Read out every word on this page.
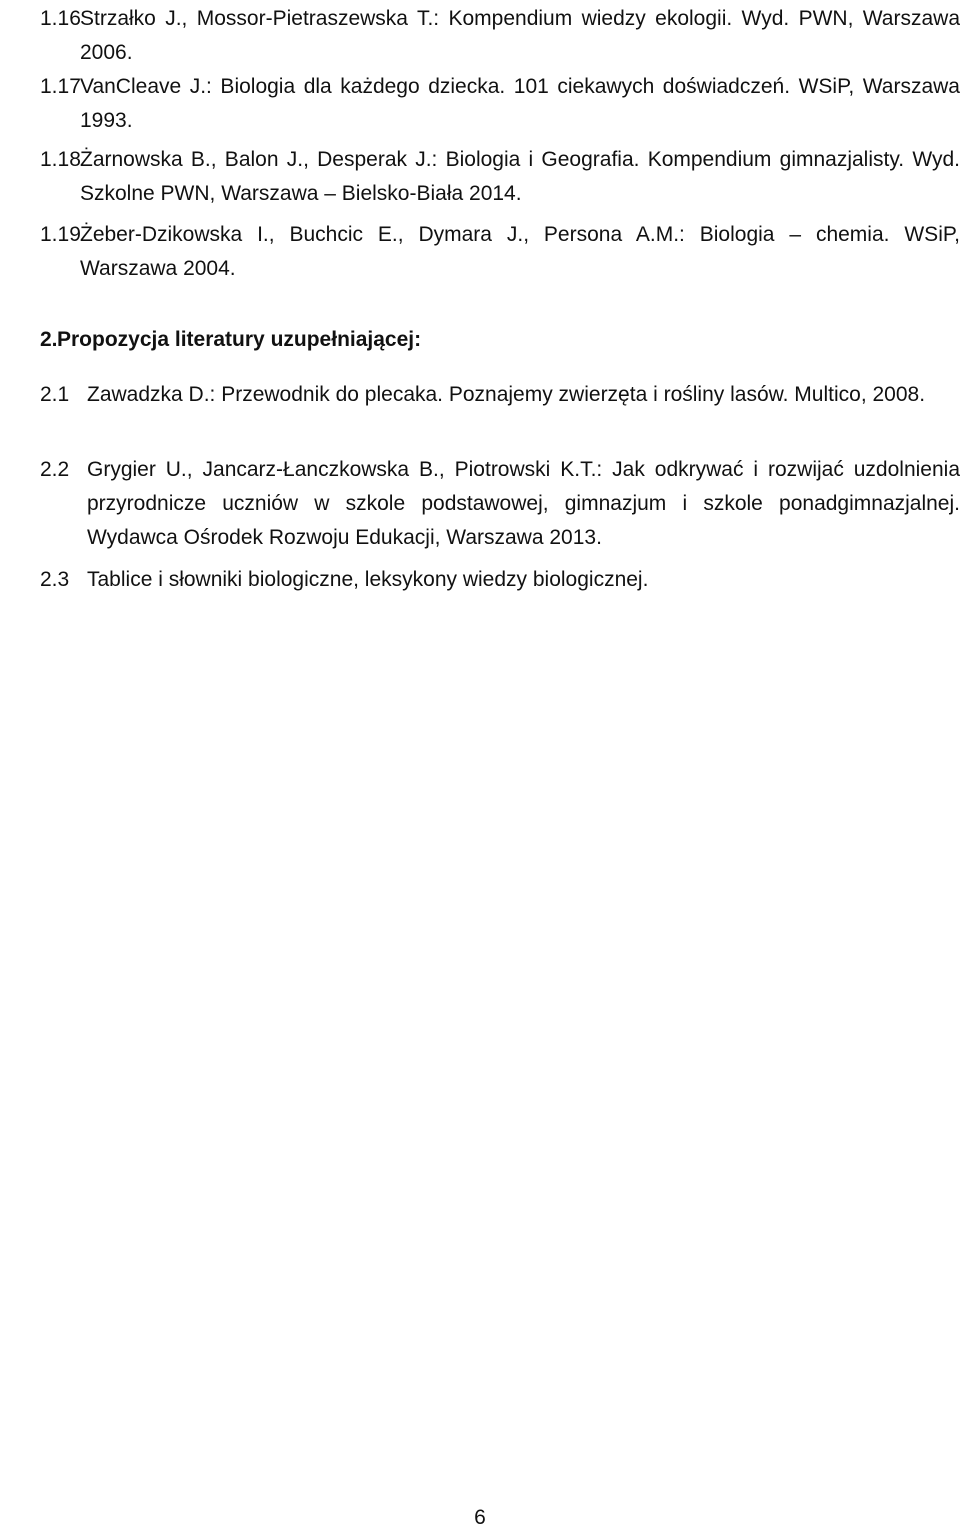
1.16 Strzałko J., Mossor-Pietraszewska T.: Kompendium wiedzy ekologii. Wyd. PWN, Warszawa 2006.
1.17 VanCleave J.: Biologia dla każdego dziecka. 101 ciekawych doświadczeń. WSiP, Warszawa 1993.
1.18 Żarnowska B., Balon J., Desperak J.: Biologia i Geografia. Kompendium gimnazjalisty. Wyd. Szkolne PWN, Warszawa – Bielsko-Biała 2014.
1.19 Żeber-Dzikowska I., Buchcic E., Dymara J., Persona A.M.: Biologia – chemia. WSiP, Warszawa 2004.
2. Propozycja literatury uzupełniającej:
2.1 Zawadzka D.: Przewodnik do plecaka. Poznajemy zwierzęta i rośliny lasów. Multico, 2008.
2.2 Grygier U., Jancarz-Łanczkowska B., Piotrowski K.T.: Jak odkrywać i rozwijać uzdolnienia przyrodnicze uczniów w szkole podstawowej, gimnazjum i szkole ponadgimnazjalnej. Wydawca Ośrodek Rozwoju Edukacji, Warszawa 2013.
2.3 Tablice i słowniki biologiczne, leksykony wiedzy biologicznej.
6
